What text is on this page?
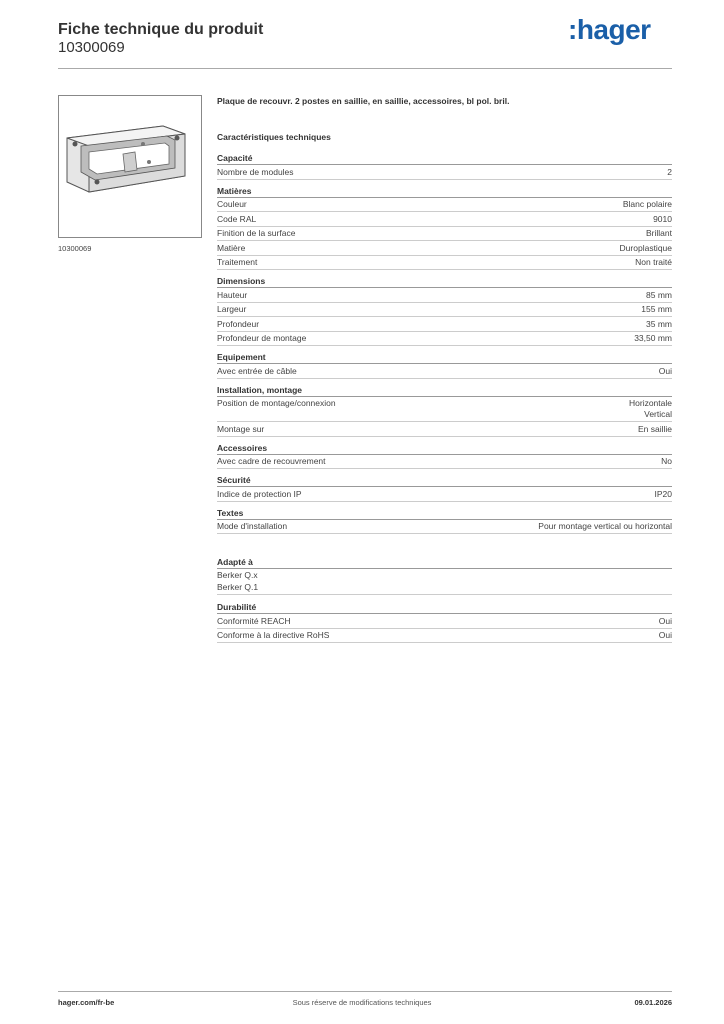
Fiche technique du produit
10300069
:hager
10300069
Plaque de recouvr. 2 postes en saillie, en saillie, accessoires, bl pol. bril.
Caractéristiques techniques
Capacité
Nombre de modules	2
Matières
Couleur	Blanc polaire
Code RAL	9010
Finition de la surface	Brillant
Matière	Duroplastique
Traitement	Non traité
Dimensions
Hauteur	85 mm
Largeur	155 mm
Profondeur	35 mm
Profondeur de montage	33,50 mm
Equipement
Avec entrée de câble	Oui
Installation, montage
Position de montage/connexion	Horizontale
Vertical
Montage sur	En saillie
Accessoires
Avec cadre de recouvrement	No
Sécurité
Indice de protection IP	IP20
Textes
Mode d'installation	Pour montage vertical ou horizontal
Adapté à
Berker Q.x
Berker Q.1
Durabilité
Conformité REACH	Oui
Conforme à la directive RoHS	Oui
hager.com/fr-be	Sous réserve de modifications techniques	09.01.2026
